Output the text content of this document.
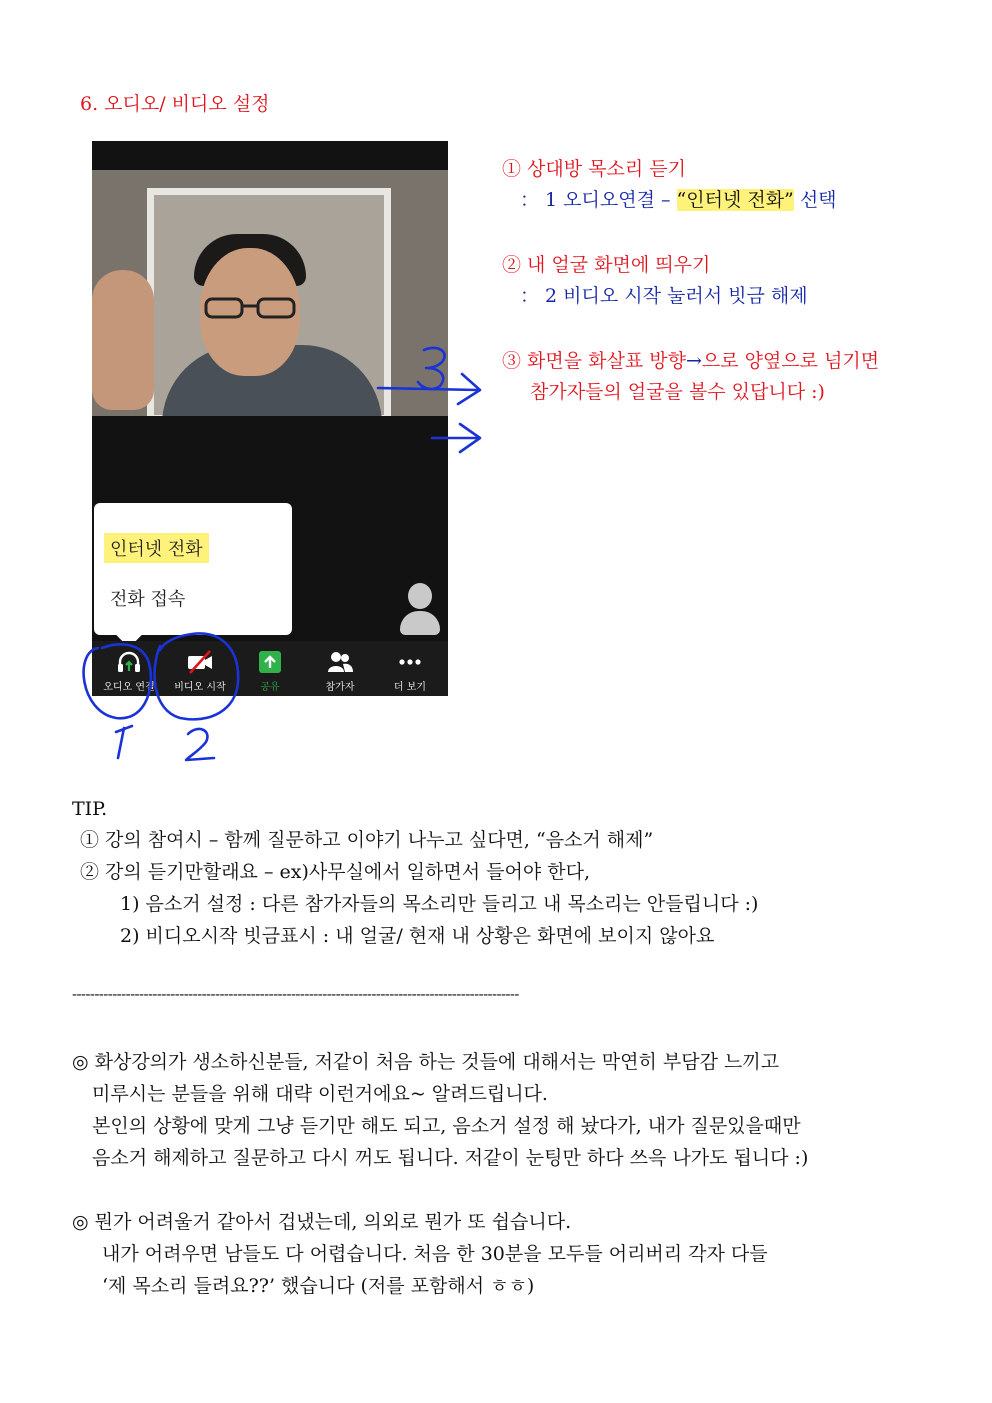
6. 오디오/ 비디오 설정
인터넷 전화
전화 접속
오디오 연결	비디오 시작	공유	참가자	더 보기
① 상대방 목소리 듣기
： 1 오디오연결 – “인터넷 전화” 선택
② 내 얼굴 화면에 띄우기
： 2 비디오 시작 눌러서 빗금 해제
③ 화면을 화살표 방향→으로 양옆으로 넘기면
참가자들의 얼굴을 볼수 있답니다 :)
TIP.
① 강의 참여시 – 함께 질문하고 이야기 나누고 싶다면, “음소거 해제”
② 강의 듣기만할래요 – ex)사무실에서 일하면서 들어야 한다,
1) 음소거 설정 : 다른 참가자들의 목소리만 들리고 내 목소리는 안들립니다 :)
2) 비디오시작 빗금표시 : 내 얼굴/ 현재 내 상황은 화면에 보이지 않아요
----------------------------------------------------------------------------------------------------
◎ 화상강의가 생소하신분들, 저같이 처음 하는 것들에 대해서는 막연히 부담감 느끼고
미루시는 분들을 위해 대략 이런거에요~ 알려드립니다.
본인의 상황에 맞게 그냥 듣기만 해도 되고, 음소거 설정 해 놨다가, 내가 질문있을때만
음소거 해제하고 질문하고 다시 꺼도 됩니다. 저같이 눈팅만 하다 쓰윽 나가도 됩니다 :)
◎ 뭔가 어려울거 같아서 겁냈는데, 의외로 뭔가 또 쉽습니다.
내가 어려우면 남들도 다 어렵습니다. 처음 한 30분을 모두들 어리버리 각자 다들
‘제 목소리 들려요??’ 했습니다 (저를 포함해서 ㅎㅎ)
